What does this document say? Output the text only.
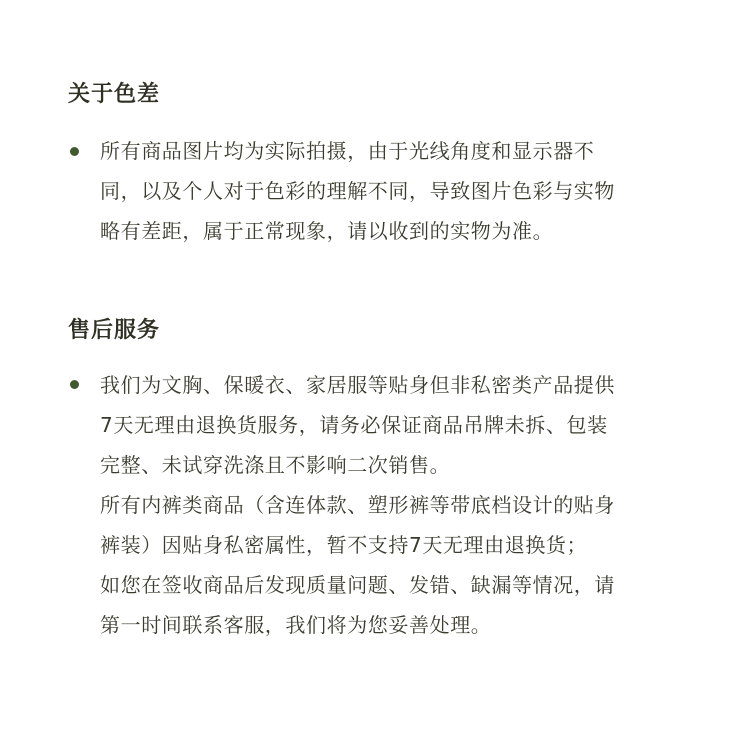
关于色差
所有商品图片均为实际拍摄，由于光线角度和显示器不
同，以及个人对于色彩的理解不同，导致图片色彩与实物
略有差距，属于正常现象，请以收到的实物为准。
售后服务
我们为文胸、保暖衣、家居服等贴身但非私密类产品提供
7天无理由退换货服务，请务必保证商品吊牌未拆、包装
完整、未试穿洗涤且不影响二次销售。
所有内裤类商品（含连体款、塑形裤等带底档设计的贴身
裤装）因贴身私密属性，暂不支持7天无理由退换货；
如您在签收商品后发现质量问题、发错、缺漏等情况，请
第一时间联系客服，我们将为您妥善处理。
